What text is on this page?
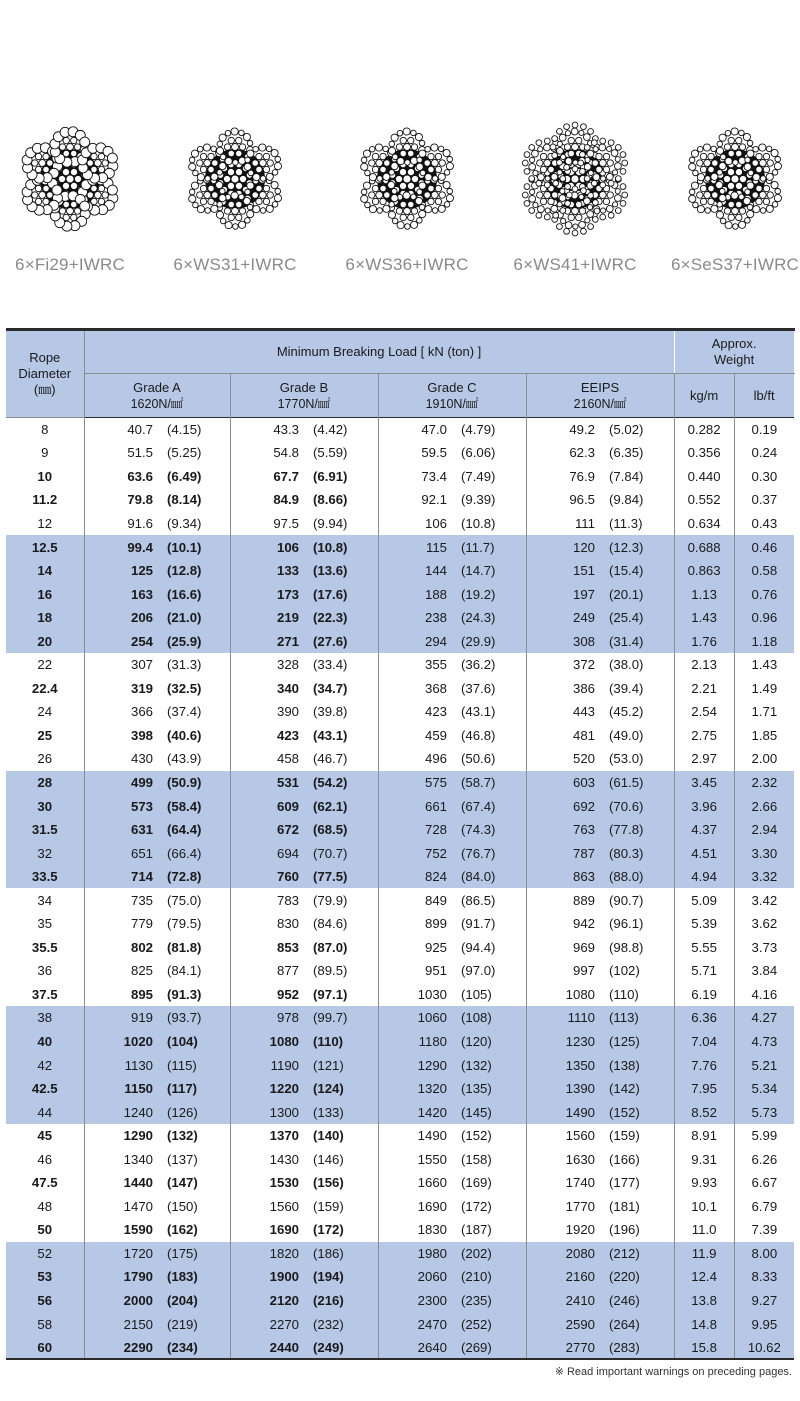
6×Fi29+IWRC	6×WS31+IWRC	6×WS36+IWRC	6×WS41+IWRC	6×SeS37+IWRC
Rope
Diameter
(㎜)	Minimum Breaking Load [ kN (ton) ]								Approx.
Weight	
	Grade A
1620N/㎟		Grade B
1770N/㎟		Grade C
1910N/㎟		EEIPS
2160N/㎟		kg/m	lb/ft
8	40.7	(4.15)	43.3	(4.42)	47.0	(4.79)	49.2	(5.02)	0.282	0.19
9	51.5	(5.25)	54.8	(5.59)	59.5	(6.06)	62.3	(6.35)	0.356	0.24
10	63.6	(6.49)	67.7	(6.91)	73.4	(7.49)	76.9	(7.84)	0.440	0.30
11.2	79.8	(8.14)	84.9	(8.66)	92.1	(9.39)	96.5	(9.84)	0.552	0.37
12	91.6	(9.34)	97.5	(9.94)	106	(10.8)	111	(11.3)	0.634	0.43
12.5	99.4	(10.1)	106	(10.8)	115	(11.7)	120	(12.3)	0.688	0.46
14	125	(12.8)	133	(13.6)	144	(14.7)	151	(15.4)	0.863	0.58
16	163	(16.6)	173	(17.6)	188	(19.2)	197	(20.1)	1.13	0.76
18	206	(21.0)	219	(22.3)	238	(24.3)	249	(25.4)	1.43	0.96
20	254	(25.9)	271	(27.6)	294	(29.9)	308	(31.4)	1.76	1.18
22	307	(31.3)	328	(33.4)	355	(36.2)	372	(38.0)	2.13	1.43
22.4	319	(32.5)	340	(34.7)	368	(37.6)	386	(39.4)	2.21	1.49
24	366	(37.4)	390	(39.8)	423	(43.1)	443	(45.2)	2.54	1.71
25	398	(40.6)	423	(43.1)	459	(46.8)	481	(49.0)	2.75	1.85
26	430	(43.9)	458	(46.7)	496	(50.6)	520	(53.0)	2.97	2.00
28	499	(50.9)	531	(54.2)	575	(58.7)	603	(61.5)	3.45	2.32
30	573	(58.4)	609	(62.1)	661	(67.4)	692	(70.6)	3.96	2.66
31.5	631	(64.4)	672	(68.5)	728	(74.3)	763	(77.8)	4.37	2.94
32	651	(66.4)	694	(70.7)	752	(76.7)	787	(80.3)	4.51	3.30
33.5	714	(72.8)	760	(77.5)	824	(84.0)	863	(88.0)	4.94	3.32
34	735	(75.0)	783	(79.9)	849	(86.5)	889	(90.7)	5.09	3.42
35	779	(79.5)	830	(84.6)	899	(91.7)	942	(96.1)	5.39	3.62
35.5	802	(81.8)	853	(87.0)	925	(94.4)	969	(98.8)	5.55	3.73
36	825	(84.1)	877	(89.5)	951	(97.0)	997	(102)	5.71	3.84
37.5	895	(91.3)	952	(97.1)	1030	(105)	1080	(110)	6.19	4.16
38	919	(93.7)	978	(99.7)	1060	(108)	1110	(113)	6.36	4.27
40	1020	(104)	1080	(110)	1180	(120)	1230	(125)	7.04	4.73
42	1130	(115)	1190	(121)	1290	(132)	1350	(138)	7.76	5.21
42.5	1150	(117)	1220	(124)	1320	(135)	1390	(142)	7.95	5.34
44	1240	(126)	1300	(133)	1420	(145)	1490	(152)	8.52	5.73
45	1290	(132)	1370	(140)	1490	(152)	1560	(159)	8.91	5.99
46	1340	(137)	1430	(146)	1550	(158)	1630	(166)	9.31	6.26
47.5	1440	(147)	1530	(156)	1660	(169)	1740	(177)	9.93	6.67
48	1470	(150)	1560	(159)	1690	(172)	1770	(181)	10.1	6.79
50	1590	(162)	1690	(172)	1830	(187)	1920	(196)	11.0	7.39
52	1720	(175)	1820	(186)	1980	(202)	2080	(212)	11.9	8.00
53	1790	(183)	1900	(194)	2060	(210)	2160	(220)	12.4	8.33
56	2000	(204)	2120	(216)	2300	(235)	2410	(246)	13.8	9.27
58	2150	(219)	2270	(232)	2470	(252)	2590	(264)	14.8	9.95
60	2290	(234)	2440	(249)	2640	(269)	2770	(283)	15.8	10.62
※ Read important warnings on preceding pages.
